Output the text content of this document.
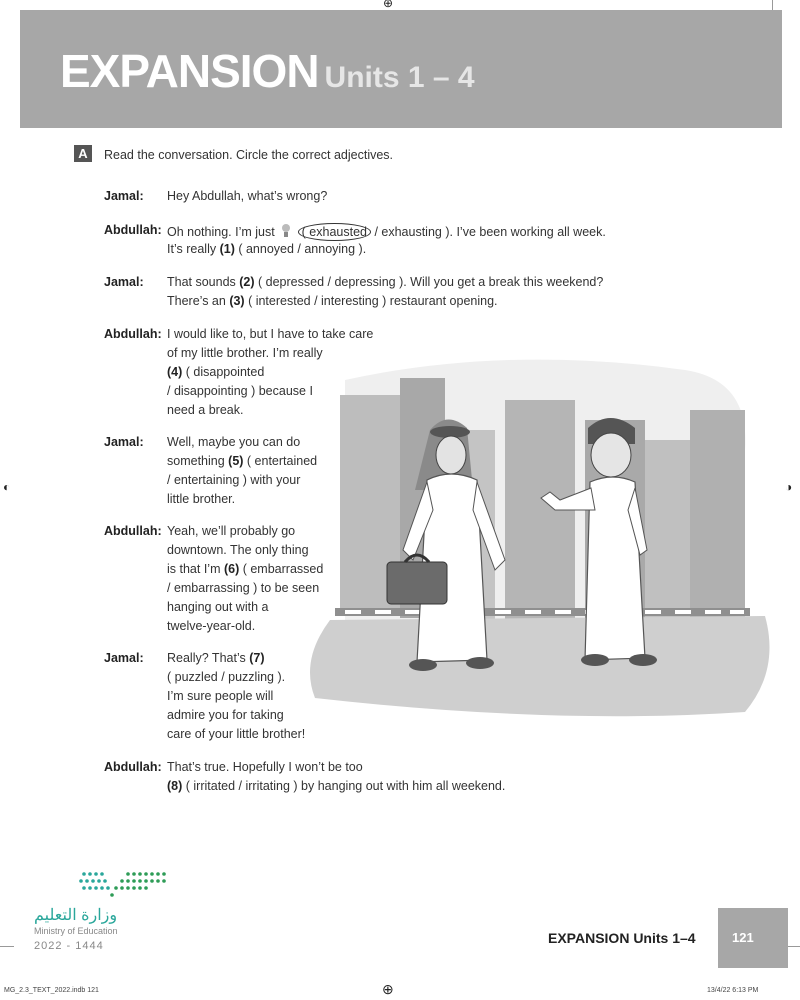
⊕
◐	◑
⊕
EXPANSION Units 1 – 4
A	Read the conversation. Circle the correct adjectives.
Jamal: Hey Abdullah, what’s wrong?
Abdullah: Oh nothing. I’m just  ( exhausted / exhausting ). I’ve been working all week.
It’s really (1) ( annoyed / annoying ).
Jamal: That sounds (2) ( depressed / depressing ). Will you get a break this weekend?
There’s an (3) ( interested / interesting ) restaurant opening.
Abdullah: I would like to, but I have to take care
of my little brother. I’m really
(4) ( disappointed
/ disappointing ) because I
need a break.
Jamal: Well, maybe you can do
something (5) ( entertained
/ entertaining ) with your
little brother.
Abdullah: Yeah, we’ll probably go
downtown. The only thing
is that I’m (6) ( embarrassed
/ embarrassing ) to be seen
hanging out with a
twelve-year-old.
Jamal: Really? That’s (7)
( puzzled / puzzling ).
I’m sure people will
admire you for taking
care of your little brother!
Abdullah: That’s true. Hopefully I won’t be too
(8) ( irritated / irritating ) by hanging out with him all weekend.
وزارة التعليم
Ministry of Education
2022 - 1444	EXPANSION Units 1–4	121
MG_2.3_TEXT_2022.indb 121	13/4/22 6:13 PM
